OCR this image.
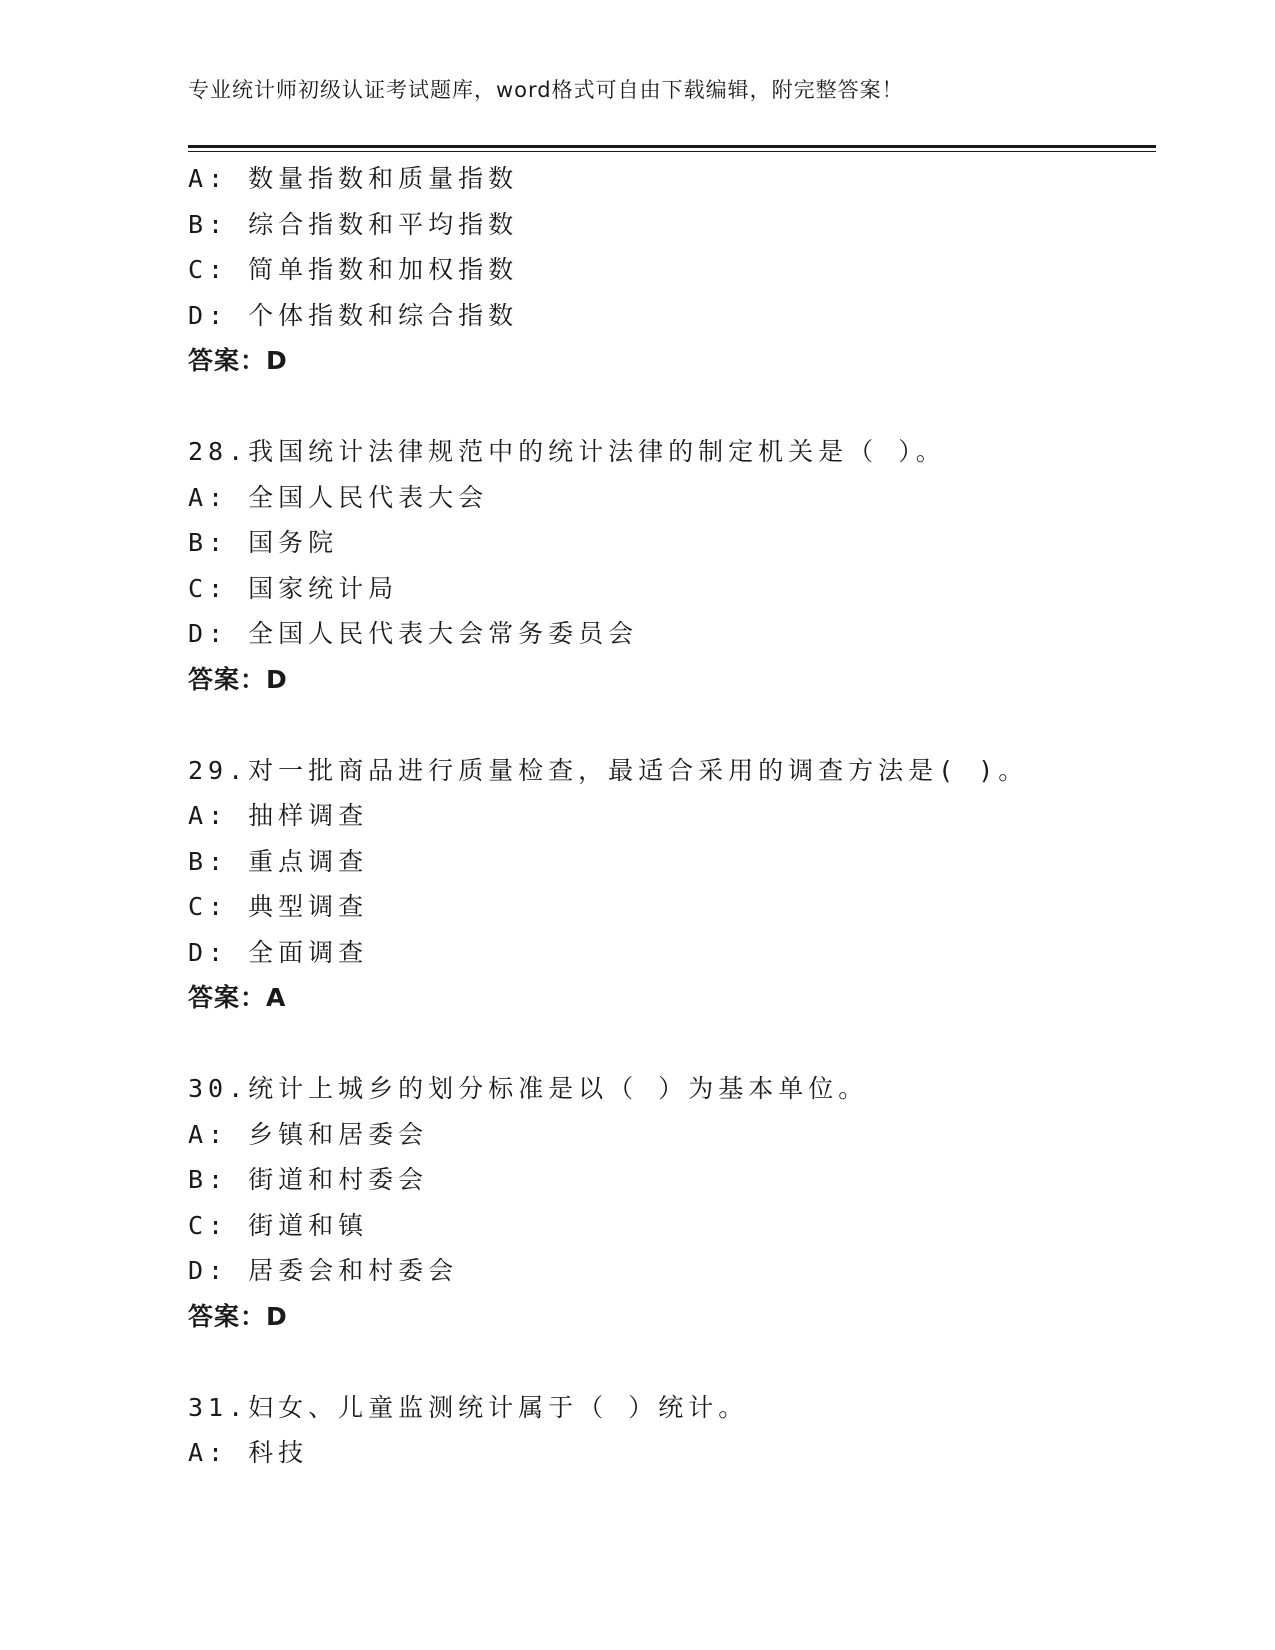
专业统计师初级认证考试题库，word格式可自由下载编辑，附完整答案！
A: 数量指数和质量指数
B: 综合指数和平均指数
C: 简单指数和加权指数
D: 个体指数和综合指数
答案：D
28.我国统计法律规范中的统计法律的制定机关是（ ）。
A: 全国人民代表大会
B: 国务院
C: 国家统计局
D: 全国人民代表大会常务委员会
答案：D
29.对一批商品进行质量检查，最适合采用的调查方法是( )。
A: 抽样调查
B: 重点调查
C: 典型调查
D: 全面调查
答案：A
30.统计上城乡的划分标准是以（ ）为基本单位。
A: 乡镇和居委会
B: 街道和村委会
C: 街道和镇
D: 居委会和村委会
答案：D
31.妇女、儿童监测统计属于（ ）统计。
A: 科技
